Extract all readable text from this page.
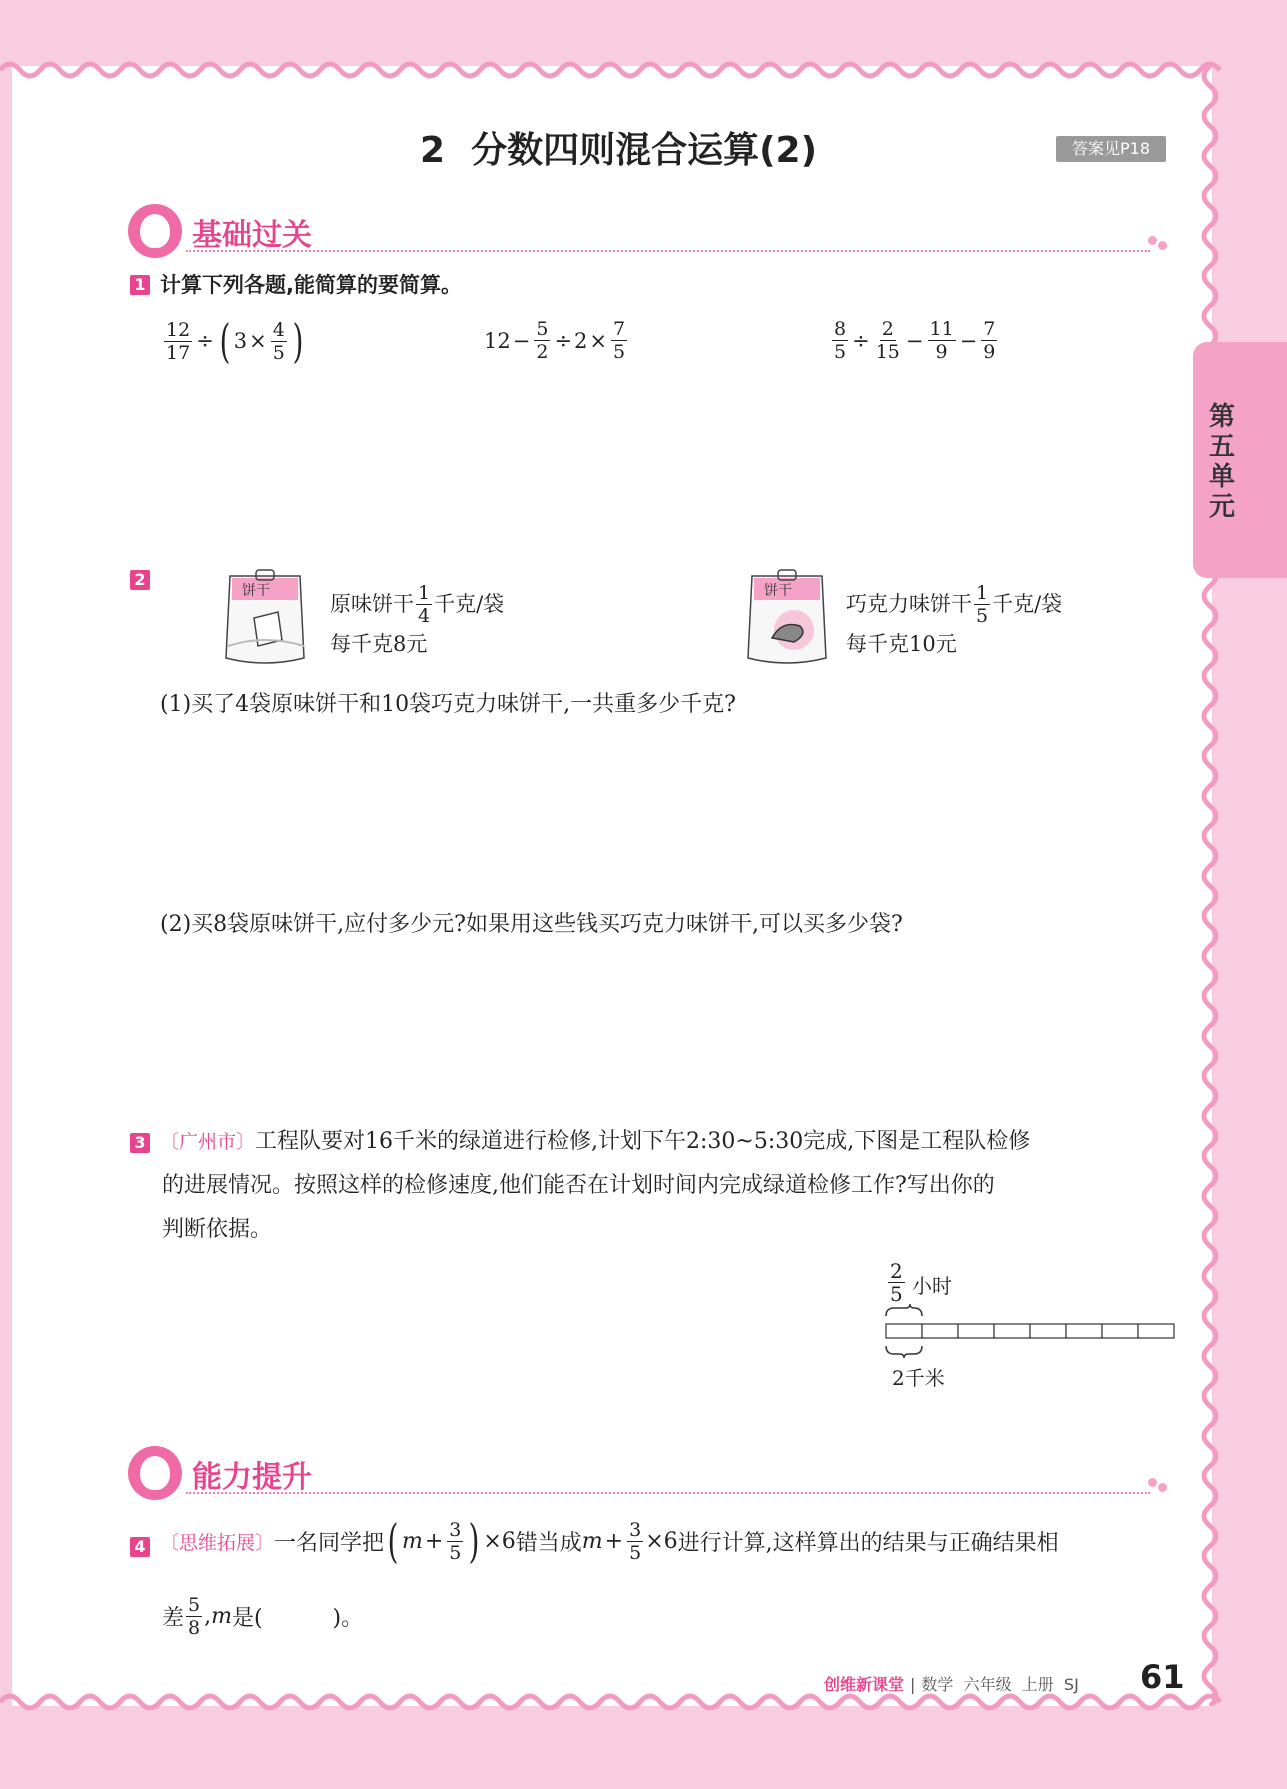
2 分数四则混合运算(2)	答案见P18
第五单元
基础过关
1 计算下列各题,能简算的要简算。
$\frac{12}{17}$ ÷ ( $3 \times \frac{4}{5}$ )	$12 - \frac{5}{2} \div 2 \times \frac{7}{5}$	$\frac{8}{5} \div \frac{2}{15} - \frac{11}{9} - \frac{7}{9}$
2
饼干
原味饼干 $\frac{1}{4}$ 千克/袋
每千克8元
饼干
巧克力味饼干 $\frac{1}{5}$ 千克/袋
每千克10元
(1)买了4袋原味饼干和10袋巧克力味饼干,一共重多少千克?
(2)买8袋原味饼干,应付多少元?如果用这些钱买巧克力味饼干,可以买多少袋?
3 〔广州市〕工程队要对16千米的绿道进行检修,计划下午2:30~5:30完成,下图是工程队检修
的进展情况。按照这样的检修速度,他们能否在计划时间内完成绿道检修工作?写出你的
判断依据。
$\frac{2}{5}$ 小时
2千米
能力提升
4 〔思维拓展〕 一名同学把 ( $m + \frac{3}{5}$ ) ×6 错当成 $m + \frac{3}{5} \times 6$ 进行计算,这样算出的结果与正确结果相
差 $\frac{5}{8}$ , m 是(          )。
创维新课堂 | 数学  六年级  上册  SJ 61
